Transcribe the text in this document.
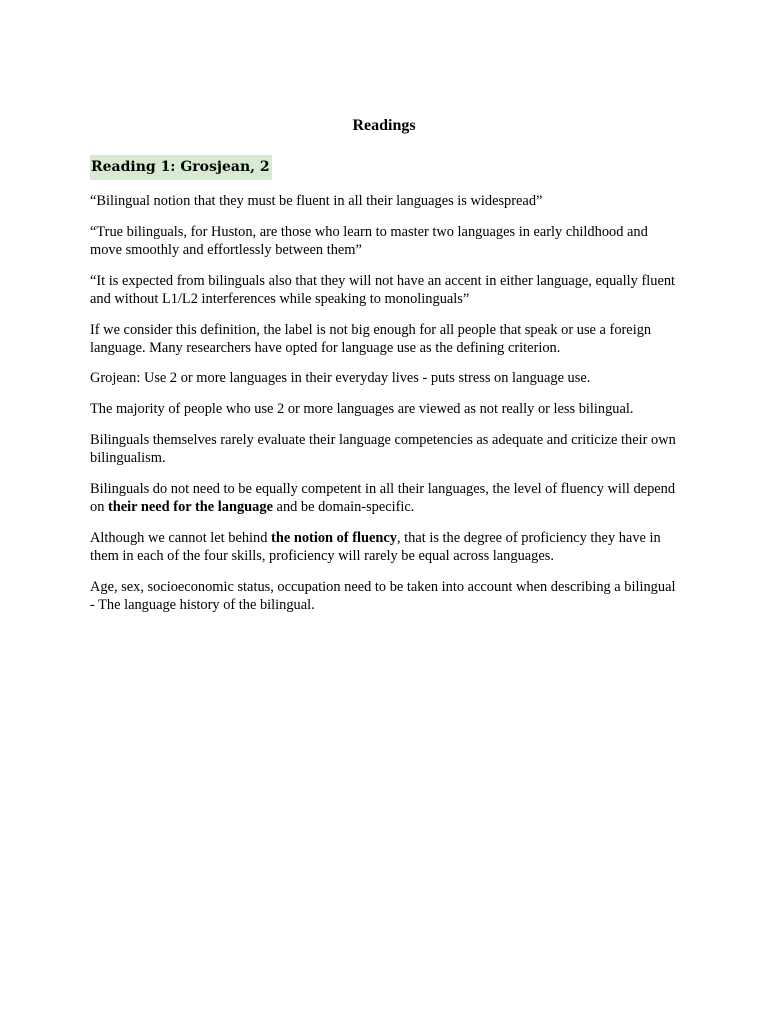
Readings
Reading 1: Grosjean, 2

“Bilingual notion that they must be fluent in all their languages is widespread”

“True bilinguals, for Huston, are those who learn to master two languages in early childhood and move smoothly and effortlessly between them”

“It is expected from bilinguals also that they will not have an accent in either language, equally fluent and without L1/L2 interferences while speaking to monolinguals”

If we consider this definition, the label is not big enough for all people that speak or use a foreign language. Many researchers have opted for language use as the defining criterion.

Grojean: Use 2 or more languages in their everyday lives - puts stress on language use.

The majority of people who use 2 or more languages are viewed as not really or less bilingual.

Bilinguals themselves rarely evaluate their language competencies as adequate and criticize their own bilingualism.

Bilinguals do not need to be equally competent in all their languages, the level of fluency will depend on their need for the language and be domain-specific.

Although we cannot let behind the notion of fluency, that is the degree of proficiency they have in them in each of the four skills, proficiency will rarely be equal across languages.

Age, sex, socioeconomic status, occupation need to be taken into account when describing a bilingual - The language history of the bilingual.
